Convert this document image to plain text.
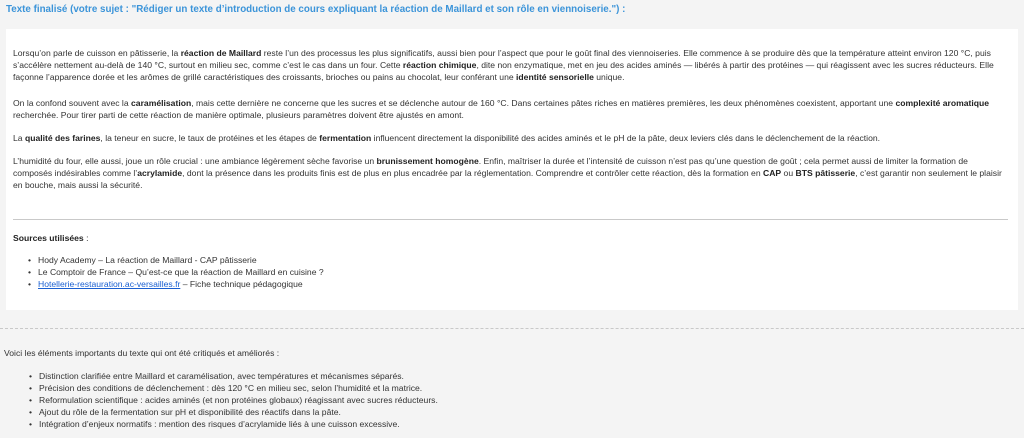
Texte finalisé (votre sujet : "Rédiger un texte d’introduction de cours expliquant la réaction de Maillard et son rôle en viennoiserie.") :
Lorsqu’on parle de cuisson en pâtisserie, la réaction de Maillard reste l’un des processus les plus significatifs, aussi bien pour l’aspect que pour le goût final des viennoiseries. Elle commence à se produire dès que la température atteint environ 120 °C, puis s’accélère nettement au-delà de 140 °C, surtout en milieu sec, comme c’est le cas dans un four. Cette réaction chimique, dite non enzymatique, met en jeu des acides aminés — libérés à partir des protéines — qui réagissent avec les sucres réducteurs. Elle façonne l’apparence dorée et les arômes de grillé caractéristiques des croissants, brioches ou pains au chocolat, leur conférant une identité sensorielle unique.
On la confond souvent avec la caramélisation, mais cette dernière ne concerne que les sucres et se déclenche autour de 160 °C. Dans certaines pâtes riches en matières premières, les deux phénomènes coexistent, apportant une complexité aromatique recherchée. Pour tirer parti de cette réaction de manière optimale, plusieurs paramètres doivent être ajustés en amont.
La qualité des farines, la teneur en sucre, le taux de protéines et les étapes de fermentation influencent directement la disponibilité des acides aminés et le pH de la pâte, deux leviers clés dans le déclenchement de la réaction.
L’humidité du four, elle aussi, joue un rôle crucial : une ambiance légèrement sèche favorise un brunissement homogène. Enfin, maîtriser la durée et l’intensité de cuisson n’est pas qu’une question de goût ; cela permet aussi de limiter la formation de composés indésirables comme l’acrylamide, dont la présence dans les produits finis est de plus en plus encadrée par la réglementation. Comprendre et contrôler cette réaction, dès la formation en CAP ou BTS pâtisserie, c’est garantir non seulement le plaisir en bouche, mais aussi la sécurité.
Sources utilisées :
• Hody Academy – La réaction de Maillard - CAP pâtisserie
• Le Comptoir de France – Qu’est-ce que la réaction de Maillard en cuisine ?
• Hotellerie-restauration.ac-versailles.fr – Fiche technique pédagogique
Voici les éléments importants du texte qui ont été critiqués et améliorés :
• Distinction clarifiée entre Maillard et caramélisation, avec températures et mécanismes séparés.
• Précision des conditions de déclenchement : dès 120 °C en milieu sec, selon l’humidité et la matrice.
• Reformulation scientifique : acides aminés (et non protéines globaux) réagissant avec sucres réducteurs.
• Ajout du rôle de la fermentation sur pH et disponibilité des réactifs dans la pâte.
• Intégration d’enjeux normatifs : mention des risques d’acrylamide liés à une cuisson excessive.
